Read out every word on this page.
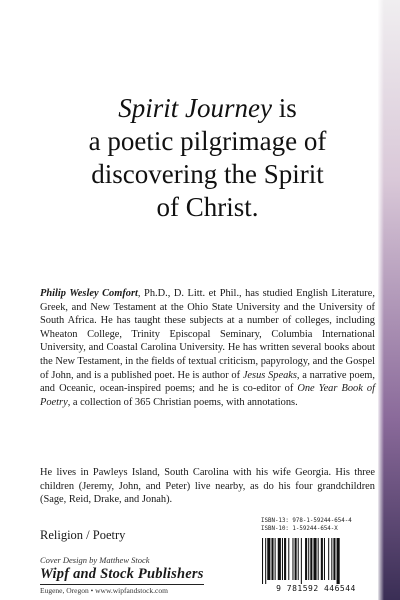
Spirit Journey is
a poetic pilgrimage of
discovering the Spirit
of Christ.

Philip Wesley Comfort, Ph.D., D. Litt. et Phil., has studied English Literature, Greek, and New Testament at the Ohio State University and the University of South Africa. He has taught these subjects at a number of colleges, including Wheaton College, Trinity Episcopal Seminary, Columbia International University, and Coastal Carolina University. He has written several books about the New Testament, in the fields of textual criticism, papyrology, and the Gospel of John, and is a published poet. He is author of Jesus Speaks, a narrative poem, and Oceanic, ocean-inspired poems; and he is co-editor of One Year Book of Poetry, a collection of 365 Christian poems, with annotations.

He lives in Pawleys Island, South Carolina with his wife Georgia. His three children (Jeremy, John, and Peter) live nearby, as do his four grandchildren (Sage, Reid, Drake, and Jonah).

Religion / Poetry
Cover Design by Matthew Stock
Wipf and Stock Publishers
Eugene, Oregon • www.wipfandstock.com
ISBN-13: 978-1-59244-654-4
ISBN-10: 1-59244-654-X
9 781592 446544
